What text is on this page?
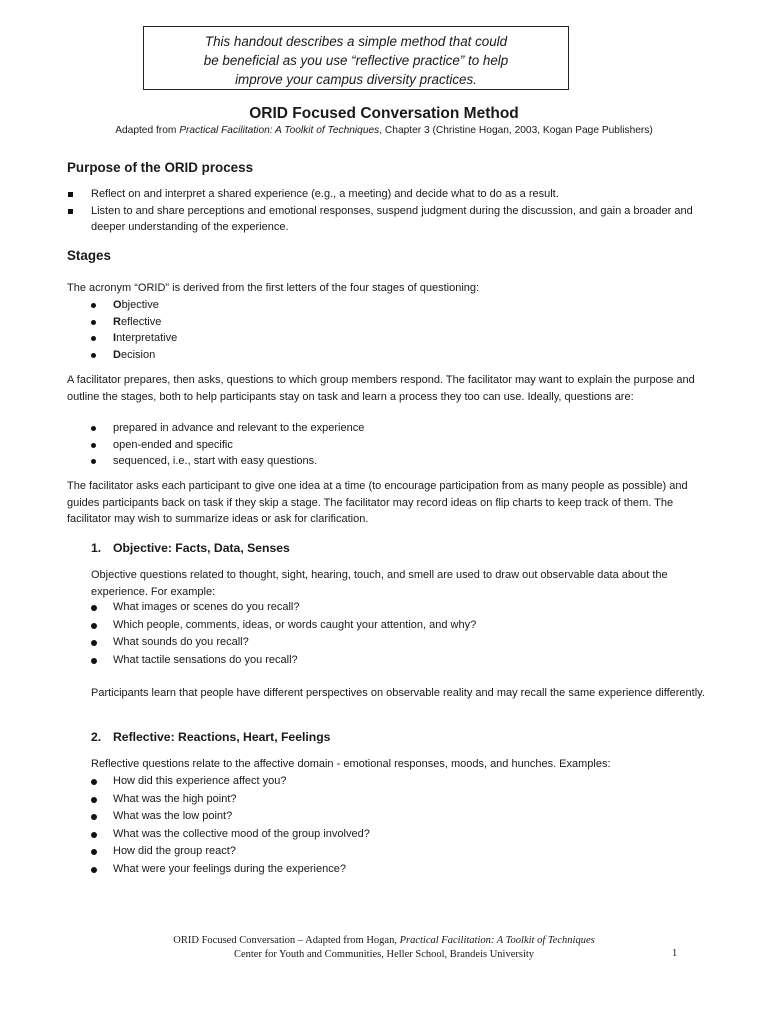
This handout describes a simple method that could
be beneficial as you use “reflective practice” to help
improve your campus diversity practices.
ORID Focused Conversation Method
Adapted from Practical Facilitation: A Toolkit of Techniques, Chapter 3 (Christine Hogan, 2003, Kogan Page Publishers)
Purpose of the ORID process
Reflect on and interpret a shared experience (e.g., a meeting) and decide what to do as a result.
Listen to and share perceptions and emotional responses, suspend judgment during the discussion, and gain a broader and deeper understanding of the experience.
Stages
The acronym “ORID” is derived from the first letters of the four stages of questioning:
Objective
Reflective
Interpretative
Decision
A facilitator prepares, then asks, questions to which group members respond. The facilitator may want to explain the purpose and outline the stages, both to help participants stay on task and learn a process they too can use. Ideally, questions are:
prepared in advance and relevant to the experience
open-ended and specific
sequenced, i.e., start with easy questions.
The facilitator asks each participant to give one idea at a time (to encourage participation from as many people as possible) and guides participants back on task if they skip a stage. The facilitator may record ideas on flip charts to keep track of them. The facilitator may wish to summarize ideas or ask for clarification.
1. Objective: Facts, Data, Senses
Objective questions related to thought, sight, hearing, touch, and smell are used to draw out observable data about the experience. For example:
What images or scenes do you recall?
Which people, comments, ideas, or words caught your attention, and why?
What sounds do you recall?
What tactile sensations do you recall?
Participants learn that people have different perspectives on observable reality and may recall the same experience differently.
2. Reflective: Reactions, Heart, Feelings
Reflective questions relate to the affective domain - emotional responses, moods, and hunches. Examples:
How did this experience affect you?
What was the high point?
What was the low point?
What was the collective mood of the group involved?
How did the group react?
What were your feelings during the experience?
ORID Focused Conversation – Adapted from Hogan, Practical Facilitation: A Toolkit of Techniques
Center for Youth and Communities, Heller School, Brandeis University	1
